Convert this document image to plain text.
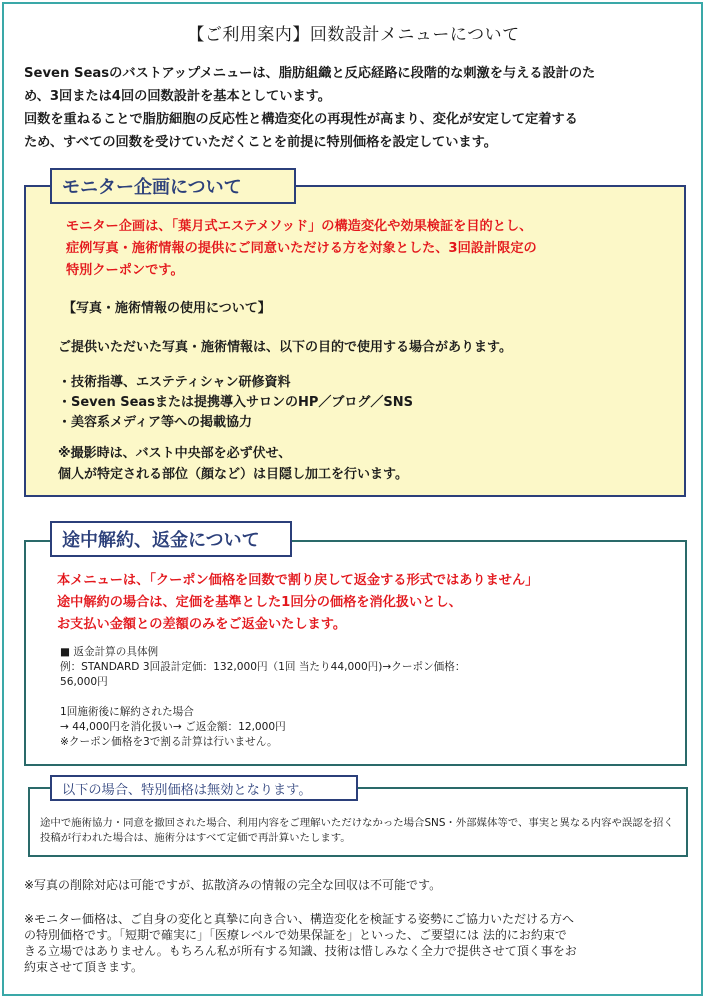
【ご利用案内】回数設計メニューについて

Seven Seasのバストアップメニューは、脂肪組織と反応経路に段階的な刺激を与える設計のた

め、3回または4回の回数設計を基本としています。

回数を重ねることで脂肪細胞の反応性と構造変化の再現性が高まり、変化が安定して定着する

ため、すべての回数を受けていただくことを前提に特別価格を設定しています。

モニター企画について

モニター企画は、「葉月式エステメソッド」の構造変化や効果検証を目的とし、

症例写真・施術情報の提供にご同意いただける方を対象とした、3回設計限定の

特別クーポンです。

【写真・施術情報の使用について】
ご提供いただいた写真・施術情報は、以下の目的で使用する場合があります。
・技術指導、エステティシャン研修資料
・Seven Seasまたは提携導入サロンのHP／ブログ／SNS
・美容系メディア等への掲載協力

※撮影時は、バスト中央部を必ず伏せ、

個人が特定される部位（顔など）は目隠し加工を行います。

途中解約、返金について

本メニューは、「クーポン価格を回数で割り戻して返金する形式ではありません」

途中解約の場合は、定価を基準とした1回分の価格を消化扱いとし、

お支払い金額との差額のみをご返金いたします。

■ 返金計算の具体例

例：STANDARD 3回設計定価：132,000円（1回 当たり44,000円)→クーポン価格：

56,000円

1回施術後に解約された場合

→ 44,000円を消化扱い→ ご返金額：12,000円

※クーポン価格を3で割る計算は行いません。

以下の場合、特別価格は無効となります。
途中で施術協力・同意を撤回された場合、利用内容をご理解いただけなかった場合SNS・外部媒体等で、事実と異なる内容や誤認を招く投稿が行われた場合は、施術分はすべて定価で再計算いたします。
※写真の削除対応は可能ですが、拡散済みの情報の完全な回収は不可能です。

※モニター価格は、ご自身の変化と真摯に向き合い、構造変化を検証する姿勢にご協力いただける方へ

の特別価格です。「短期で確実に」「医療レベルで効果保証を」といった、ご要望には 法的にお約束で

きる立場ではありません。もちろん私が所有する知識、技術は惜しみなく全力で提供させて頂く事をお

約束させて頂きます。
